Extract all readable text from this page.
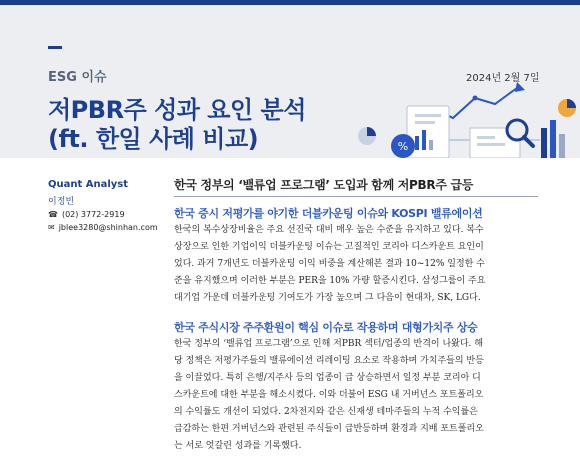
ESG 이슈	2024년 2월 7일
저PBR주 성과 요인 분석
(ft. 한일 사례 비교)	%
Quant Analyst
이정빈
☎ (02) 3772-2919
✉ jblee3280@shinhan.com
한국 정부의 ‘밸류업 프로그램’ 도입과 함께 저PBR주 급등
한국 증시 저평가를 야기한 더블카운팅 이슈와 KOSPI 밸류에이션
한국의 복수상장비율은 주요 선진국 대비 매우 높은 수준을 유지하고 있다. 복수
상장으로 인한 기업이익 더블카운팅 이슈는 고질적인 코리아 디스카운트 요인이
었다. 과거 7개년도 더블카운팅 이익 비중을 계산해본 결과 10~12% 일정한 수
준을 유지했으며 이러한 부분은 PER을 10% 가량 할증시킨다. 삼성그룹이 주요
대기업 가운데 더블카운팅 기여도가 가장 높으며 그 다음이 현대차, SK, LG다.
한국 주식시장 주주환원이 핵심 이슈로 작용하며 대형가치주 상승
한국 정부의 ‘밸류업 프로그램’으로 인해 저PBR 섹터/업종의 반격이 나왔다. 해
당 정책은 저평가주들의 밸류에이션 리레이팅 요소로 작용하며 가치주들의 반등
을 이끌었다. 특히 은행/지주사 등의 업종이 급 상승하면서 일정 부분 코리아 디
스카운트에 대한 부분을 해소시켰다. 이와 더불어 ESG 내 거버넌스 포트폴리오
의 수익률도 개선이 되었다. 2차전지와 같은 신재생 테마주들의 누적 수익률은
급감하는 한편 거버넌스와 관련된 주식들이 급반등하며 환경과 지배 포트폴리오
는 서로 엇갈린 성과를 기록했다.
